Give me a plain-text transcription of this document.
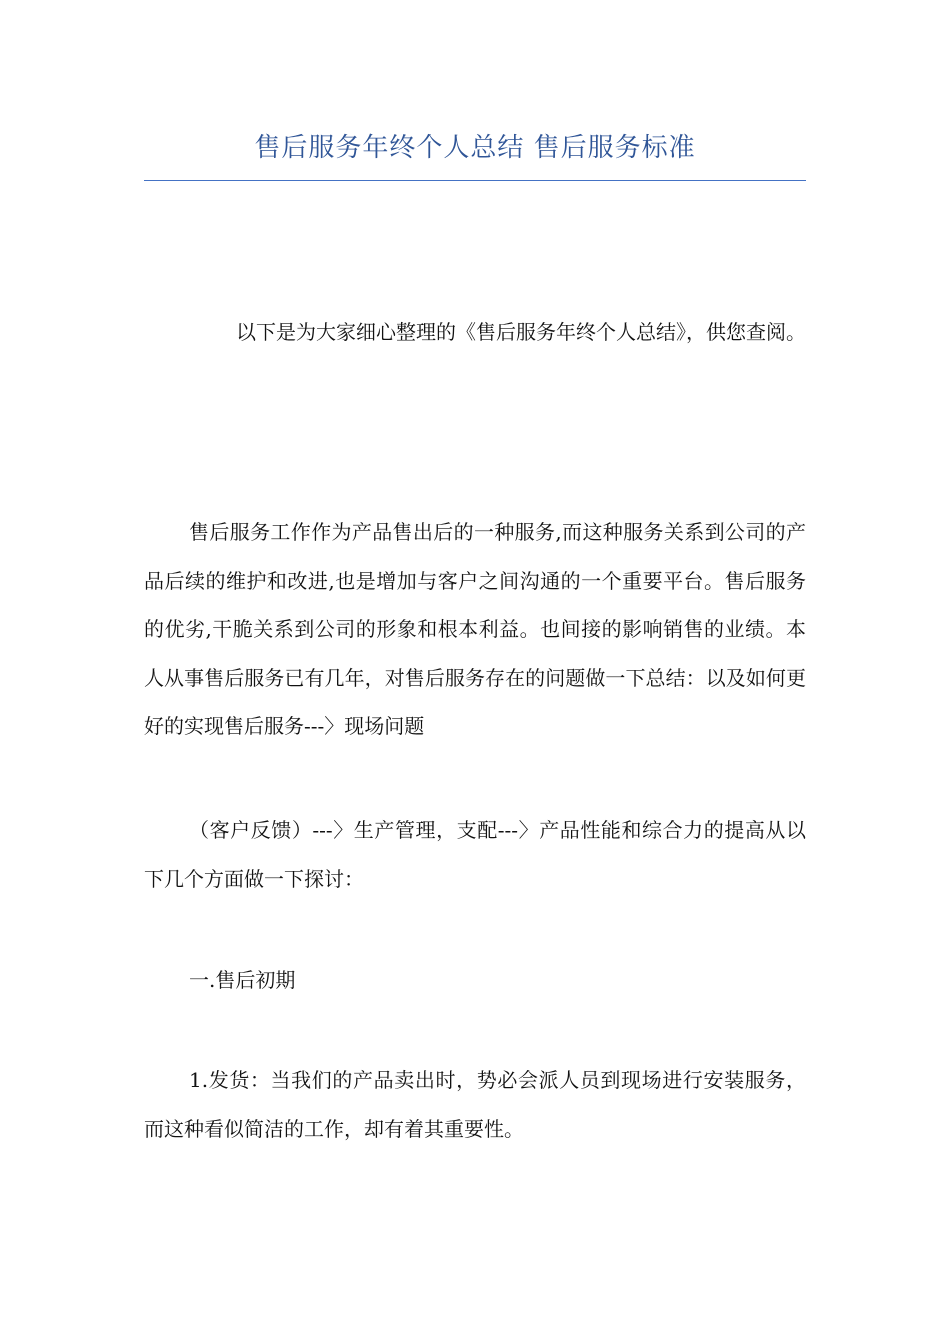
售后服务年终个人总结 售后服务标准

以下是为大家细心整理的《售后服务年终个人总结》，供您查阅。

售后服务工作作为产品售出后的一种服务,而这种服务关系到公司的产品后续的维护和改进,也是增加与客户之间沟通的一个重要平台。售后服务的优劣,干脆关系到公司的形象和根本利益。也间接的影响销售的业绩。本人从事售后服务已有几年，对售后服务存在的问题做一下总结：以及如何更好的实现售后服务---〉现场问题

（客户反馈）---〉生产管理，支配---〉产品性能和综合力的提高从以下几个方面做一下探讨：

一.售后初期

1.发货：当我们的产品卖出时，势必会派人员到现场进行安装服务，而这种看似简洁的工作，却有着其重要性。
